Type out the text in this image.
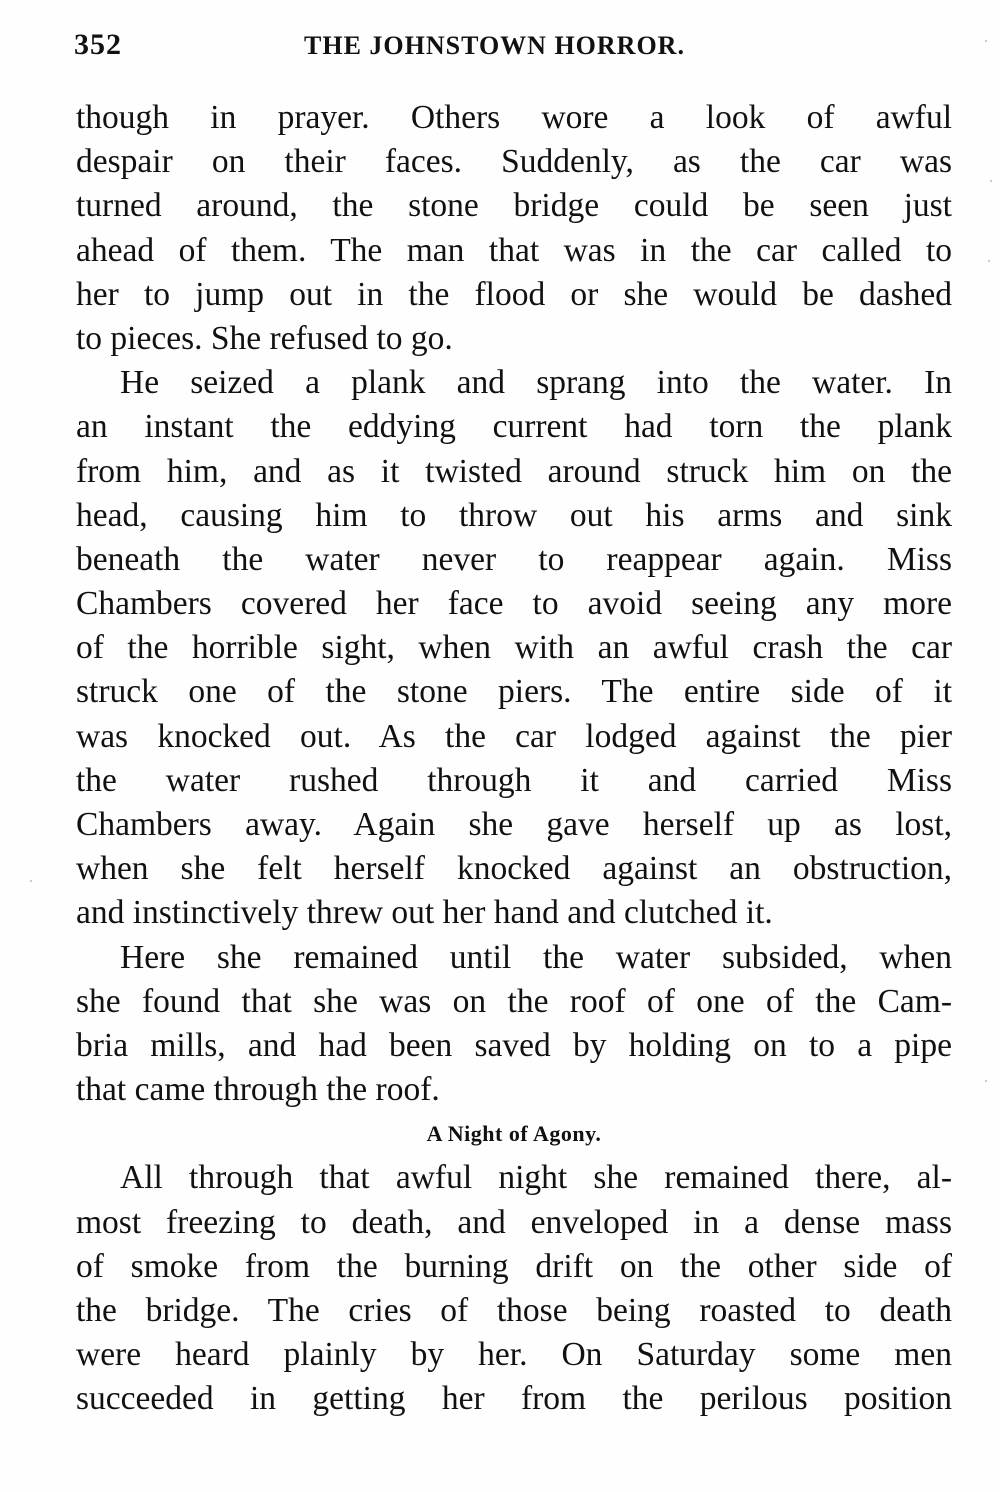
352	THE JOHNSTOWN HORROR.
though in prayer. Others wore a look of awful
despair on their faces. Suddenly, as the car was
turned around, the stone bridge could be seen just
ahead of them. The man that was in the car called to
her to jump out in the flood or she would be dashed
to pieces. She refused to go.
He seized a plank and sprang into the water. In
an instant the eddying current had torn the plank
from him, and as it twisted around struck him on the
head, causing him to throw out his arms and sink
beneath the water never to reappear again. Miss
Chambers covered her face to avoid seeing any more
of the horrible sight, when with an awful crash the car
struck one of the stone piers. The entire side of it
was knocked out. As the car lodged against the pier
the water rushed through it and carried Miss
Chambers away. Again she gave herself up as lost,
when she felt herself knocked against an obstruction,
and instinctively threw out her hand and clutched it.
Here she remained until the water subsided, when
she found that she was on the roof of one of the Cam-
bria mills, and had been saved by holding on to a pipe
that came through the roof.
A Night of Agony.
All through that awful night she remained there, al-
most freezing to death, and enveloped in a dense mass
of smoke from the burning drift on the other side of
the bridge. The cries of those being roasted to death
were heard plainly by her. On Saturday some men
succeeded in getting her from the perilous position
